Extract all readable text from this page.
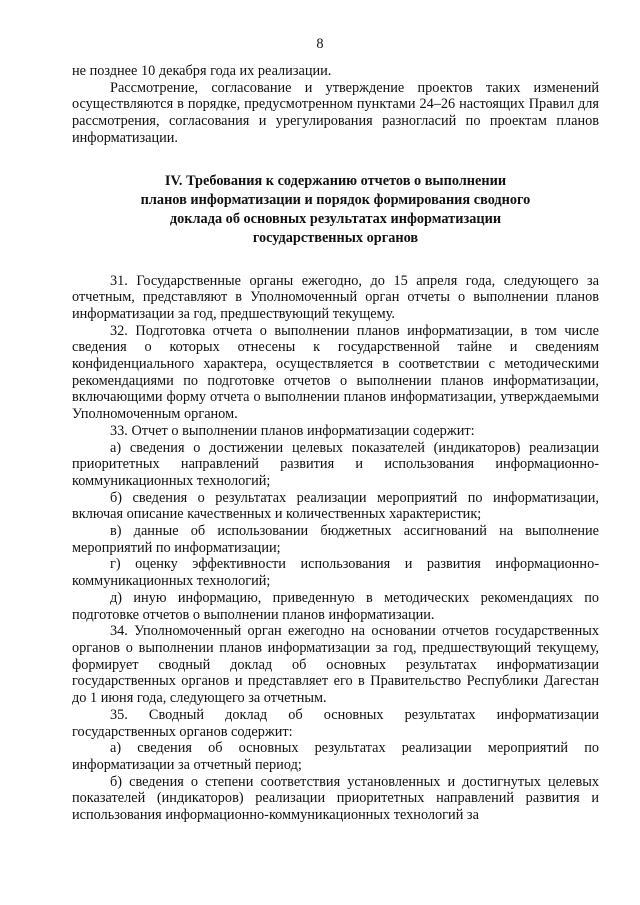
8

не позднее 10 декабря года их реализации.

Рассмотрение, согласование и утверждение проектов таких изменений осуществляются в порядке, предусмотренном пунктами 24–26 настоящих Правил для рассмотрения, согласования и урегулирования разногласий по проектам планов информатизации.

IV. Требования к содержанию отчетов о выполнении
планов информатизации и порядок формирования сводного
доклада об основных результатах информатизации
государственных органов

31. Государственные органы ежегодно, до 15 апреля года, следующего за отчетным, представляют в Уполномоченный орган отчеты о выполнении планов информатизации за год, предшествующий текущему.

32. Подготовка отчета о выполнении планов информатизации, в том числе сведения о которых отнесены к государственной тайне и сведениям конфиденциального характера, осуществляется в соответствии с методическими рекомендациями по подготовке отчетов о выполнении планов информатизации, включающими форму отчета о выполнении планов информатизации, утверждаемыми Уполномоченным органом.

33. Отчет о выполнении планов информатизации содержит:

а) сведения о достижении целевых показателей (индикаторов) реализации приоритетных направлений развития и использования информационно-коммуникационных технологий;

б) сведения о результатах реализации мероприятий по информатизации, включая описание качественных и количественных характеристик;

в) данные об использовании бюджетных ассигнований на выполнение мероприятий по информатизации;

г) оценку эффективности использования и развития информационно-коммуникационных технологий;

д) иную информацию, приведенную в методических рекомендациях по подготовке отчетов о выполнении планов информатизации.

34. Уполномоченный орган ежегодно на основании отчетов государственных органов о выполнении планов информатизации за год, предшествующий текущему, формирует сводный доклад об основных результатах информатизации государственных органов и представляет его в Правительство Республики Дагестан до 1 июня года, следующего за отчетным.

35. Сводный доклад об основных результатах информатизации государственных органов содержит:

а) сведения об основных результатах реализации мероприятий по информатизации за отчетный период;

б) сведения о степени соответствия установленных и достигнутых целевых показателей (индикаторов) реализации приоритетных направлений развития и использования информационно-коммуникационных технологий за
